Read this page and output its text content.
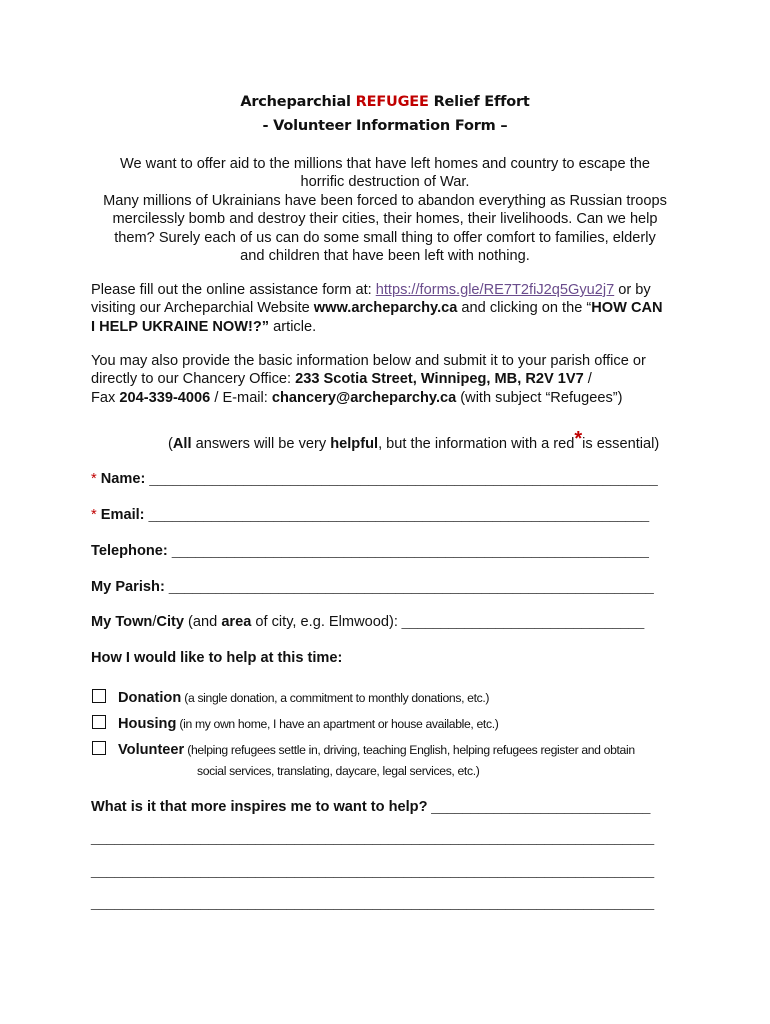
Archeparchial REFUGEE Relief Effort
- Volunteer Information Form –
We want to offer aid to the millions that have left homes and country to escape the
horrific destruction of War.
Many millions of Ukrainians have been forced to abandon everything as Russian troops
mercilessly bomb and destroy their cities, their homes, their livelihoods. Can we help
them? Surely each of us can do some small thing to offer comfort to families, elderly
and children that have been left with nothing.
Please fill out the online assistance form at: https://forms.gle/RE7T2fiJ2q5Gyu2j7 or by
visiting our Archeparchial Website www.archeparchy.ca and clicking on the “HOW CAN
I HELP UKRAINE NOW!?” article.
You may also provide the basic information below and submit it to your parish office or
directly to our Chancery Office: 233 Scotia Street, Winnipeg, MB, R2V 1V7 /
Fax 204-339-4006 / E-mail: chancery@archeparchy.ca (with subject “Refugees”)
(All answers will be very helpful, but the information with a red*is essential)
* Name: _________________________________________________________________
* Email: ________________________________________________________________
Telephone: _____________________________________________________________
My Parish: ______________________________________________________________
My Town/City (and area of city, e.g. Elmwood): _______________________________
How I would like to help at this time:
Donation (a single donation, a commitment to monthly donations, etc.)
Housing (in my own home, I have an apartment or house available, etc.)
Volunteer (helping refugees settle in, driving, teaching English, helping refugees register and obtain
social services, translating, daycare, legal services, etc.)
What is it that more inspires me to want to help? ____________________________
________________________________________________________________________
________________________________________________________________________
________________________________________________________________________
